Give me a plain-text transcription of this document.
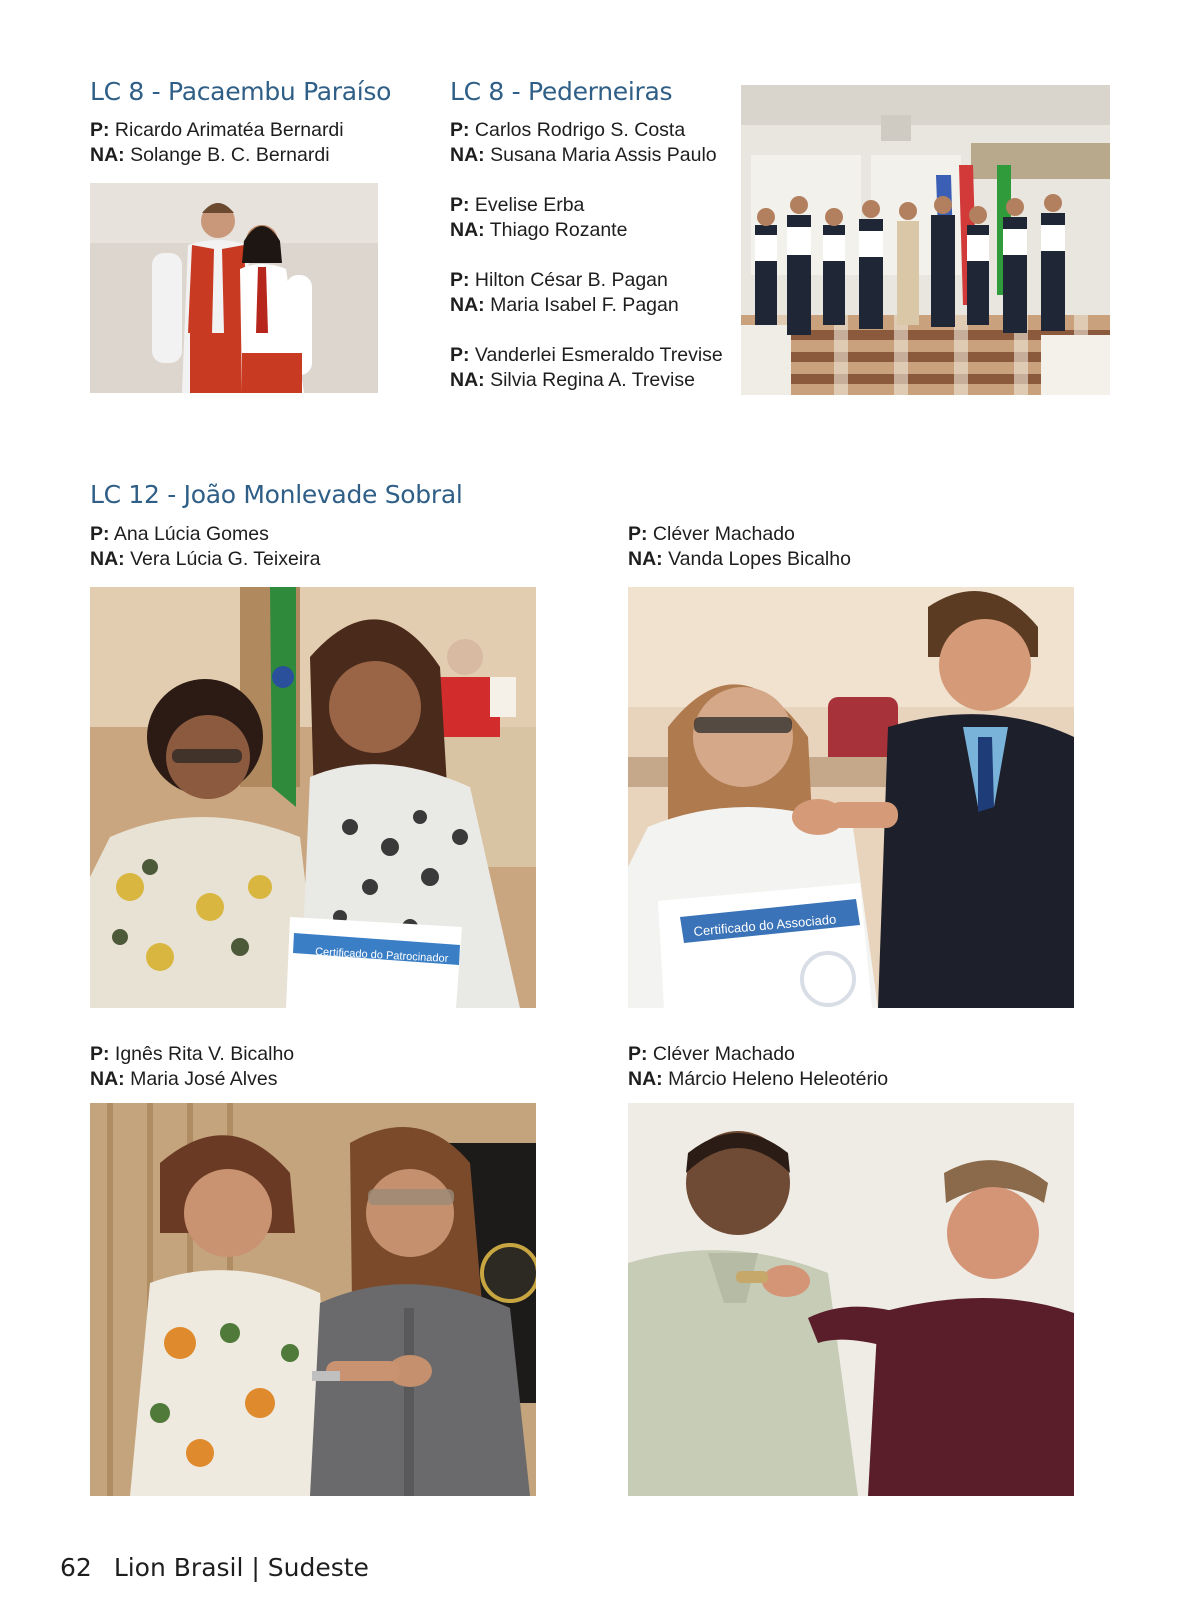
LC 8 - Pacaembu Paraíso
P: Ricardo Arimatéa Bernardi
NA: Solange B. C. Bernardi
LC 8 - Pederneiras
P: Carlos Rodrigo S. Costa
NA: Susana Maria Assis Paulo
P: Evelise Erba
NA: Thiago Rozante
P: Hilton César B. Pagan
NA: Maria Isabel F. Pagan
P: Vanderlei Esmeraldo Trevise
NA: Silvia Regina A. Trevise
LC 12 - João Monlevade Sobral
P: Ana Lúcia Gomes
NA: Vera Lúcia G. Teixeira
P: Cléver Machado
NA: Vanda Lopes Bicalho
Certificado do Patrocinador
Certificado do Associado
P: Ignês Rita V. Bicalho
NA: Maria José Alves
P: Cléver Machado
NA: Márcio Heleno Heleotério
62 Lion Brasil | Sudeste
